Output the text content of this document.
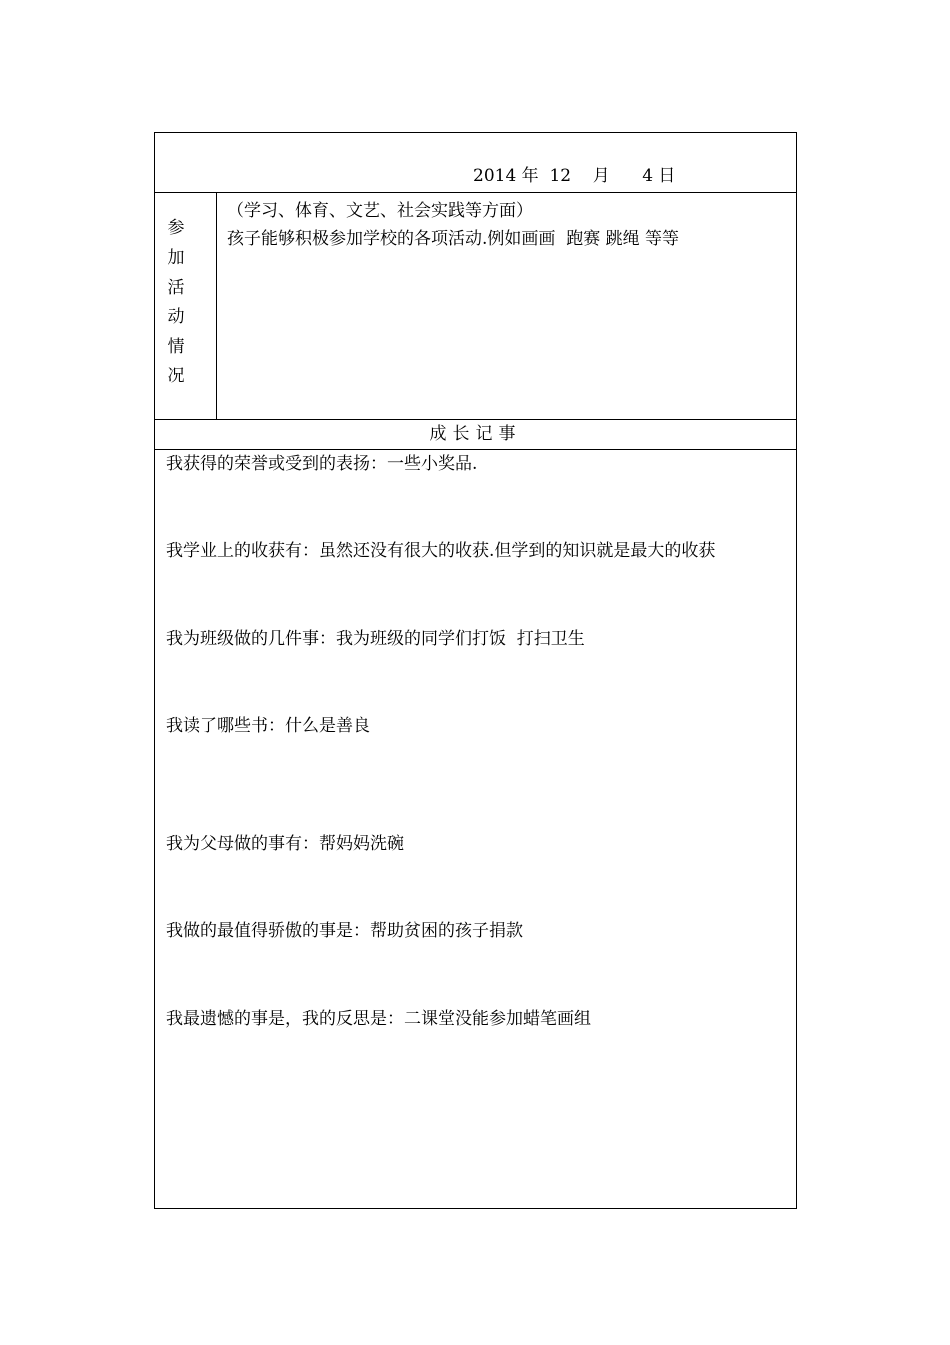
2014 年 12 月 4 日
参
加
活
动
情
况
（学习、体育、文艺、社会实践等方面）
孩子能够积极参加学校的各项活动.例如画画  跑赛 跳绳 等等
成长记事
我获得的荣誉或受到的表扬：一些小奖品.
我学业上的收获有：虽然还没有很大的收获.但学到的知识就是最大的收获
我为班级做的几件事：我为班级的同学们打饭  打扫卫生
我读了哪些书：什么是善良
我为父母做的事有：帮妈妈洗碗
我做的最值得骄傲的事是：帮助贫困的孩子捐款
我最遗憾的事是，我的反思是：二课堂没能参加蜡笔画组
